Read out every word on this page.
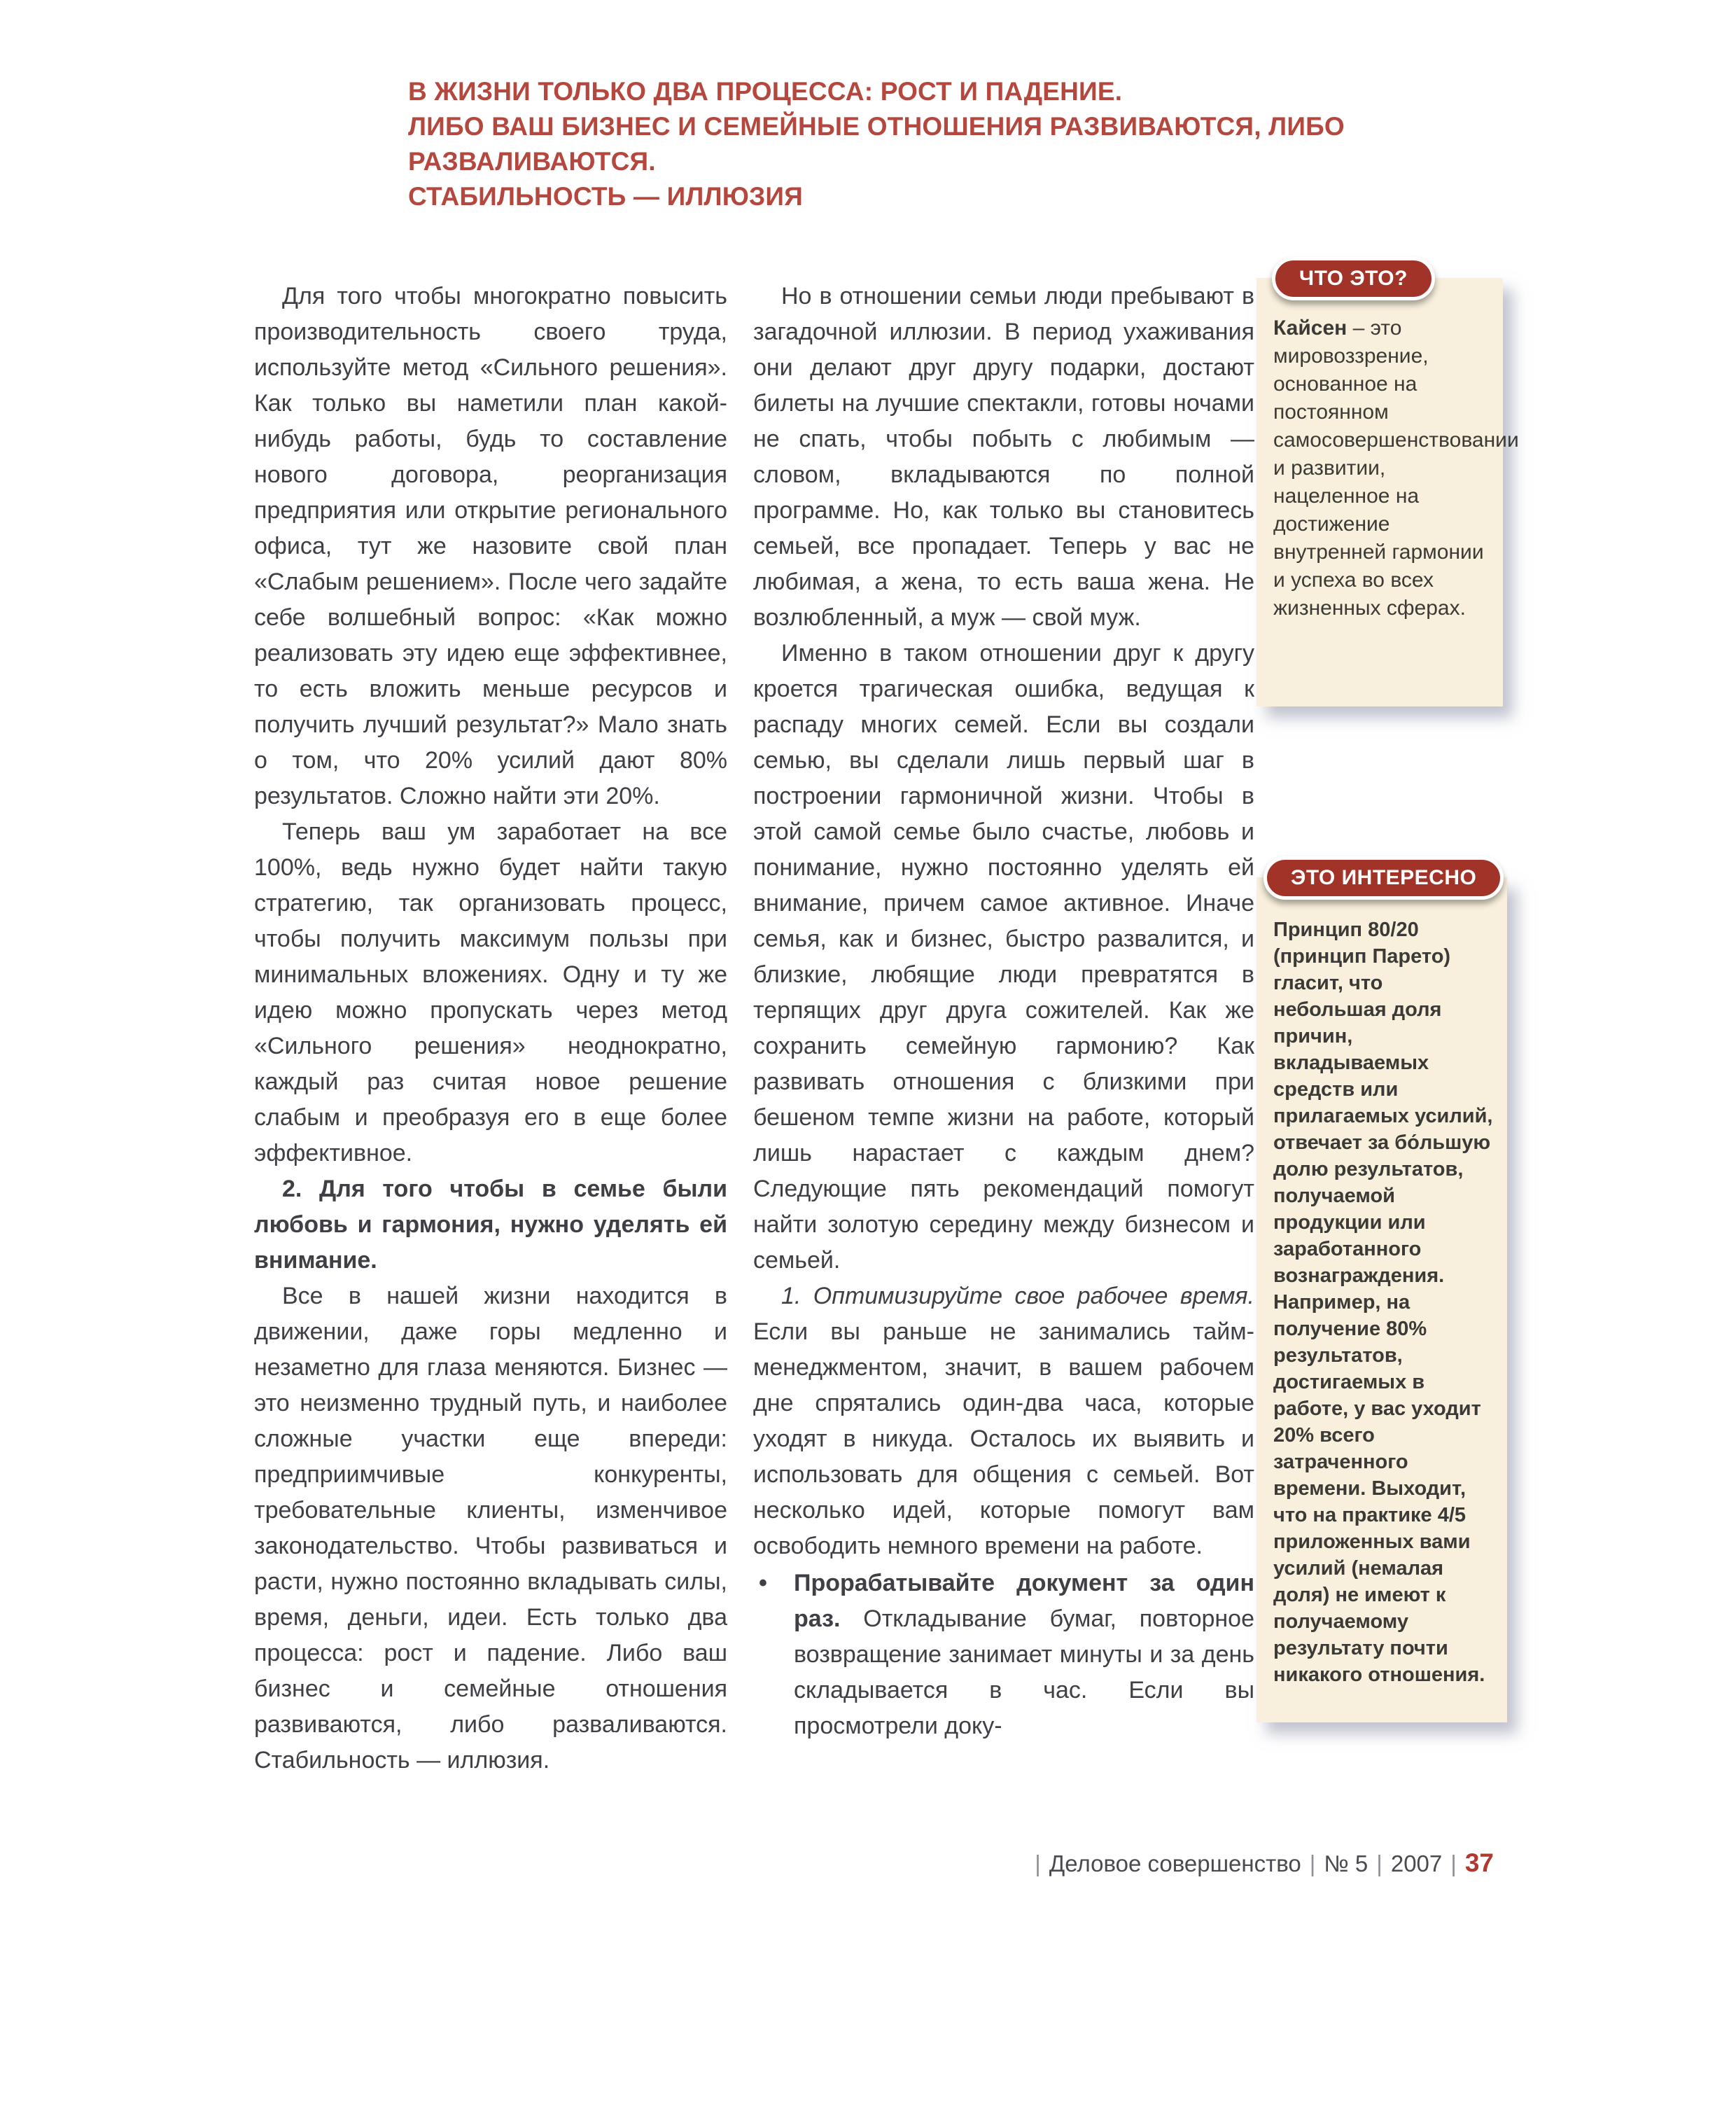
В ЖИЗНИ ТОЛЬКО ДВА ПРОЦЕССА: РОСТ И ПАДЕНИЕ.
ЛИБО ВАШ БИЗНЕС И СЕМЕЙНЫЕ ОТНОШЕНИЯ РАЗВИВАЮТСЯ, ЛИБО РАЗВАЛИВАЮТСЯ.
СТАБИЛЬНОСТЬ — ИЛЛЮЗИЯ

Для того чтобы многократно повысить производительность своего труда, используйте метод «Сильного решения». Как только вы наметили план какой-нибудь работы, будь то составление нового договора, реорганизация предприятия или открытие регионального офиса, тут же назовите свой план «Слабым решением». После чего задайте себе волшебный вопрос: «Как можно реализовать эту идею еще эффективнее, то есть вложить меньше ресурсов и получить лучший результат?» Мало знать о том, что 20% усилий дают 80% результатов. Сложно найти эти 20%.

Теперь ваш ум заработает на все 100%, ведь нужно будет найти такую стратегию, так организовать процесс, чтобы получить максимум пользы при минимальных вложениях. Одну и ту же идею можно пропускать через метод «Сильного решения» неоднократно, каждый раз считая новое решение слабым и преобразуя его в еще более эффективное.

2. Для того чтобы в семье были любовь и гармония, нужно уделять ей внимание.

Все в нашей жизни находится в движении, даже горы медленно и незаметно для глаза меняются. Бизнес — это неизменно трудный путь, и наиболее сложные участки еще впереди: предприимчивые конкуренты, требовательные клиенты, изменчивое законодательство. Чтобы развиваться и расти, нужно постоянно вкладывать силы, время, деньги, идеи. Есть только два процесса: рост и падение. Либо ваш бизнес и семейные отношения развиваются, либо разваливаются. Стабильность — иллюзия.

Но в отношении семьи люди пребывают в загадочной иллюзии. В период ухаживания они делают друг другу подарки, достают билеты на лучшие спектакли, готовы ночами не спать, чтобы побыть с любимым — словом, вкладываются по полной программе. Но, как только вы становитесь семьей, все пропадает. Теперь у вас не любимая, а жена, то есть ваша жена. Не возлюбленный, а муж — свой муж.

Именно в таком отношении друг к другу кроется трагическая ошибка, ведущая к распаду многих семей. Если вы создали семью, вы сделали лишь первый шаг в построении гармоничной жизни. Чтобы в этой самой семье было счастье, любовь и понимание, нужно постоянно уделять ей внимание, причем самое активное. Иначе семья, как и бизнес, быстро развалится, и близкие, любящие люди превратятся в терпящих друг друга сожителей. Как же сохранить семейную гармонию? Как развивать отношения с близкими при бешеном темпе жизни на работе, который лишь нарастает с каждым днем? Следующие пять рекомендаций помогут найти золотую середину между бизнесом и семьей.

1. Оптимизируйте свое рабочее время. Если вы раньше не занимались тайм-менеджментом, значит, в вашем рабочем дне спрятались один-два часа, которые уходят в никуда. Осталось их выявить и использовать для общения с семьей. Вот несколько идей, которые помогут вам освободить немного времени на работе.

•	Прорабатывайте документ за один раз. Откладывание бумаг, повторное возвращение занимает минуты и за день складывается в час. Если вы просмотрели доку-
ЧТО ЭТО?
Кайсен – это мировоззрение, основанное на постоянном самосовершенствовании и развитии, нацеленное на достижение внутренней гармонии и успеха во всех жизненных сферах.
ЭТО ИНТЕРЕСНО
Принцип 80/20 (принцип Парето) гласит, что небольшая доля причин, вкладываемых средств или прилагаемых усилий, отвечает за бо́льшую долю результатов, получаемой продукции или заработанного вознаграждения. Например, на получение 80% результатов, достигаемых в работе, у вас уходит 20% всего затраченного времени. Выходит, что на практике 4/5 приложенных вами усилий (немалая доля) не имеют к получаемому результату почти никакого отношения.
| Деловое совершенство | № 5 | 2007 | 37
